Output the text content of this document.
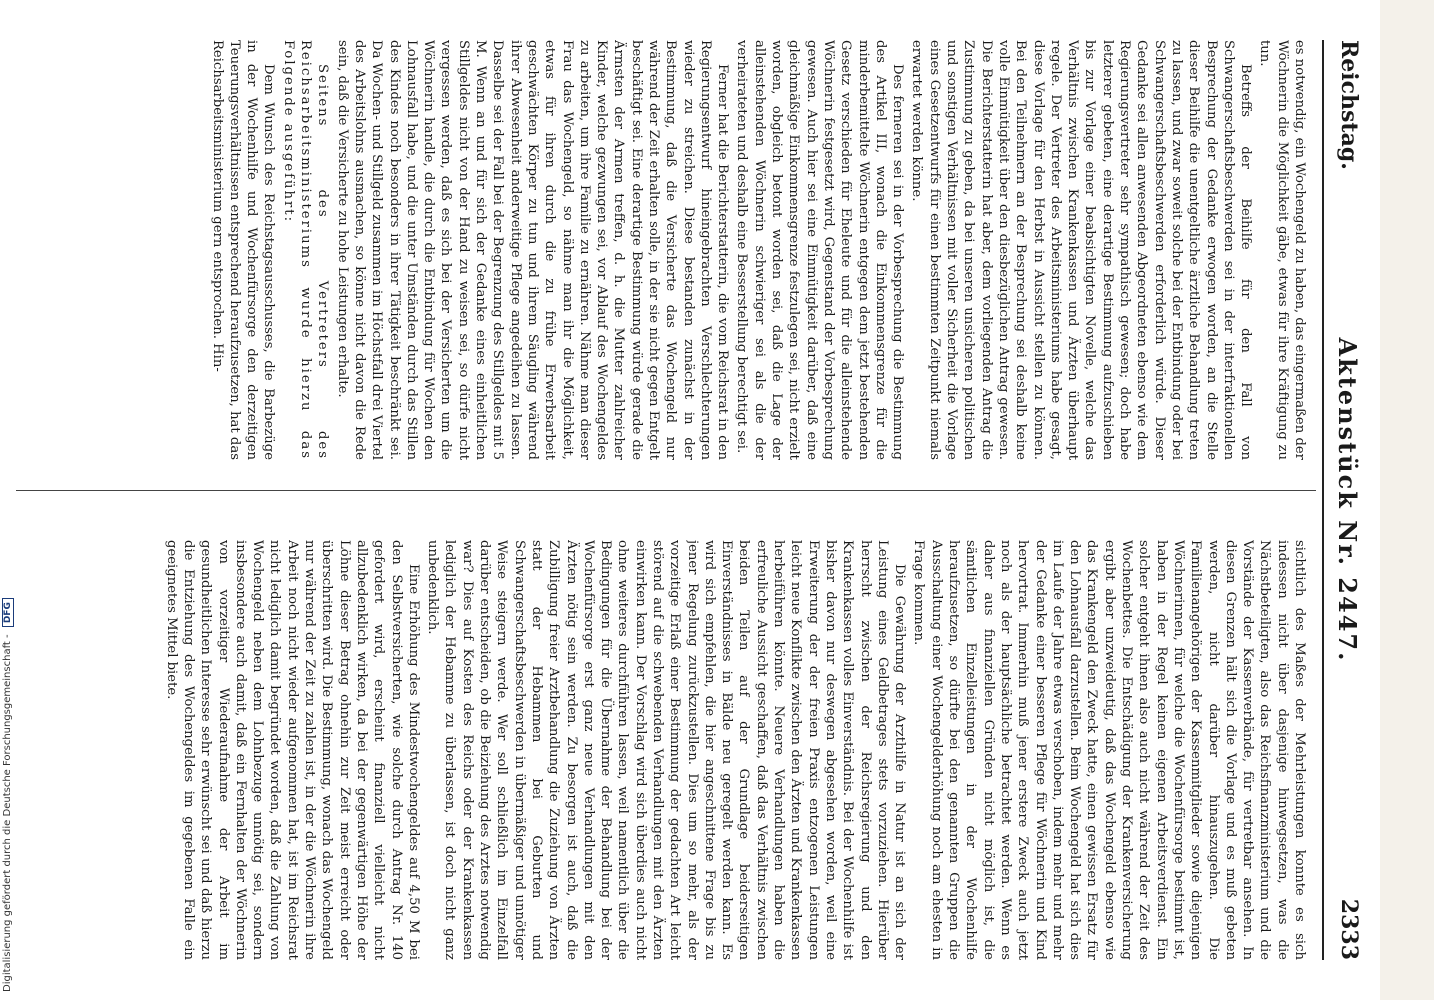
Reichstag.
Aktenstück Nr. 2447.
2333

es notwendig, ein Wochengeld zu haben, das eingermaßen der Wöchnerin die Möglichkeit gäbe, etwas für ihre Kräftigung zu tun.

Betreffs der Beihilfe für den Fall von Schwangerschaftsbeschwerden sei in der interfraktionellen Besprechung der Gedanke erwogen worden, an die Stelle dieser Beihilfe die unentgeltliche ärztliche Behandlung treten zu lassen, und zwar soweit solche bei der Entbindung oder bei Schwangerschaftsbeschwerden erforderlich würde. Dieser Gedanke sei allen anwesenden Abgeordneten ebenso wie dem Regierungsvertreter sehr sympathisch gewesen; doch habe letzterer gebeten, eine derartige Bestimmung aufzuschieben bis zur Vorlage einer beabsichtigten Novelle, welche das Verhältnis zwischen Krankenkassen und Ärzten überhaupt regele. Der Vertreter des Arbeitsministeriums habe gesagt, diese Vorlage für den Herbst in Aussicht stellen zu können. Bei den Teilnehmern an der Besprechung sei deshalb keine volle Einmütigkeit über den diesbezüglichen Antrag gewesen. Die Berichterstatterin hat aber, dem vorliegenden Antrag die Zustimmung zu geben, da bei unseren unsicheren politischen und sonstigen Verhältnissen mit voller Sicherheit die Vorlage eines Gesetzentwurfs für einen bestimmten Zeitpunkt niemals erwartet werden könne.

Des ferneren sei in der Vorbesprechung die Bestimmung des Artikel III, wonach die Einkommensgrenze für die minderbemittelte Wöchnerin entgegen dem jetzt bestehenden Gesetz verschieden für Eheleute und für die alleinstehende Wöchnerin festgesetzt wird, Gegenstand der Vorbesprechung gewesen. Auch hier sei eine Einmütigkeit darüber, daß eine gleichmäßige Einkommensgrenze festzulegen sei, nicht erzielt worden, obgleich betont worden sei, daß die Lage der alleinstehenden Wöchnerin schwieriger sei als die der verheirateten und deshalb eine Besserstellung berechtigt sei.

Ferner hat die Berichterstatterin, die vom Reichsrat in den Regierungsentwurf hineingebrachten Verschlechterungen wieder zu streichen. Diese bestanden zunächst in der Bestimmung, daß die Versicherte das Wochengeld nur während der Zeit erhalten solle, in der sie nicht gegen Entgelt beschäftigt sei. Eine derartige Bestimmung würde gerade die Ärmsten der Armen treffen, d. h. die Mutter zahlreicher Kinder, welche gezwungen sei, vor Ablauf des Wochengeldes zu arbeiten, um ihre Familie zu ernähren. Nähme man dieser Frau das Wochengeld, so nähme man ihr die Möglichkeit, etwas für ihren durch die zu frühe Erwerbsarbeit geschwächten Körper zu tun und ihrem Säugling während ihrer Abwesenheit anderweitige Pflege angedeihen zu lassen. Dasselbe sei der Fall bei der Begrenzung des Stillgeldes mit 5 M. Wenn an und für sich der Gedanke eines einheitlichen Stillgeldes nicht von der Hand zu weisen sei, so dürfe nicht vergessen werden, daß es sich bei der Versicherten um die Wöchnerin handle, die durch die Entbindung für Wochen den Lohnausfall habe, und die unter Umständen durch das Stillen des Kindes noch besonders in ihrer Tätigkeit beschränkt sei. Da Wochen- und Stillgeld zusammen im Höchstfall drei Viertel des Arbeitslohns ausmachen, so könne nicht davon die Rede sein, daß die Versicherte zu hohe Leistungen erhalte.

Seitens des Vertreters des Reichsarbeitsministeriums wurde hierzu das Folgende ausgeführt:

Dem Wunsch des Reichstagsausschusses, die Barbezüge in der Wochenhilfe und Wochenfürsorge den derzeitigen Teuerungsverhältnissen entsprechend heraufzusetzen, hat das Reichsarbeitsministerium gern entsprochen. Hin-

sichtlich des Maßes der Mehrleistungen konnte es sich indessen nicht über dasjenige hinwegsetzen, was die Nächstbeteiligten, also das Reichsfinanzministerium und die Vorstände der Kassenverbände, für vertretbar ansehen. In diesen Grenzen hält sich die Vorlage und es muß gebeten werden, nicht darüber hinauszugehen. Die Familienangehörigen der Kassenmitglieder sowie diejenigen Wöchnerinnen, für welche die Wochenfürsorge bestimmt ist, haben in der Regel keinen eigenen Arbeitsverdienst. Ein solcher entgeht ihnen also auch nicht während der Zeit des Wochenbettes. Die Entschädigung der Krankenversicherung ergibt aber unzweideutig, daß das Wochengeld ebenso wie das Krankengeld den Zweck hatte, einen gewissen Ersatz für den Lohnausfall darzustellen. Beim Wochengeld hat sich dies im Laufe der Jahre etwas verschoben, indem mehr und mehr der Gedanke einer besseren Pflege für Wöchnerin und Kind hervortrat. Immerhin muß jener erstere Zweck auch jetzt noch als der hauptsächliche betrachtet werden. Wenn es daher aus finanziellen Gründen nicht möglich ist, die sämtlichen Einzelleistungen in der Wochenhilfe heraufzusetzen, so dürfte bei den genannten Gruppen die Ausschaltung einer Wochengelderhöhung noch am ehesten in Frage kommen.

Die Gewährung der Arzthilfe in Natur ist an sich der Leistung eines Geldbetrages stets vorzuziehen. Hierüber herrscht zwischen der Reichsregierung und den Krankenkassen volles Einverständnis. Bei der Wochenhilfe ist bisher davon nur deswegen abgesehen worden, weil eine Erweiterung der der freien Praxis entzogenen Leistungen leicht neue Konflikte zwischen den Ärzten und Krankenkassen herbeiführen könnte. Neuere Verhandlungen haben die erfreuliche Aussicht geschaffen, daß das Verhältnis zwischen beiden Teilen auf der Grundlage beiderseitigen Einverständnisses in Bälde neu geregelt werden kann. Es wird sich empfehlen, die hier angeschnittene Frage bis zu jener Regelung zurückzustellen. Dies um so mehr, als der vorzeitige Erlaß einer Bestimmung der gedachten Art leicht störend auf die schwebenden Verhandlungen mit den Ärzten einwirken kann. Der Vorschlag wird sich überdies auch nicht ohne weiteres durchführen lassen, weil namentlich über die Bedingungen für die Übernahme der Behandlung bei der Wochenfürsorge erst ganz neue Verhandlungen mit den Ärzten nötig sein werden. Zu besorgen ist auch, daß die Zubilligung freier Arztbehandlung die Zuziehung von Ärzten statt der Hebammen bei Geburten und Schwangerschaftsbeschwerden in übermäßiger und unnötiger Weise steigern werde. Wer soll schließlich im Einzelfall darüber entscheiden, ob die Beiziehung des Arztes notwendig war? Dies auf Kosten des Reichs oder der Krankenkassen lediglich der Hebamme zu überlassen, ist doch nicht ganz unbedenklich.

Eine Erhöhung des Mindestwochengeldes auf 4,50 M bei den Selbstversicherten, wie solche durch Antrag Nr. 140 gefordert wird, erscheint finanziell vielleicht nicht allzubedenklich wirken, da bei der gegenwärtigen Höhe der Löhne dieser Betrag ohnehin zur Zeit meist erreicht oder überschritten wird. Die Bestimmung, wonach das Wochengeld nur während der Zeit zu zahlen ist, in der die Wöchnerin ihre Arbeit noch nicht wieder aufgenommen hat, ist im Reichsrat nicht lediglich damit begründet worden, daß die Zahlung von Wochengeld neben dem Lohnbezuge unnötig sei, sondern insbesondere auch damit, daß ein Fernhalten der Wöchnerin von vorzeitiger Wiederaufnahme der Arbeit im gesundheitlichen Interesse sehr erwünscht sei und daß hierzu die Entziehung des Wochengeldes im gegebenen Falle ein geeignetes Mittel biete.

Digitalisierung gefördert durch die Deutsche Forschungsgemeinschaft - DFG
